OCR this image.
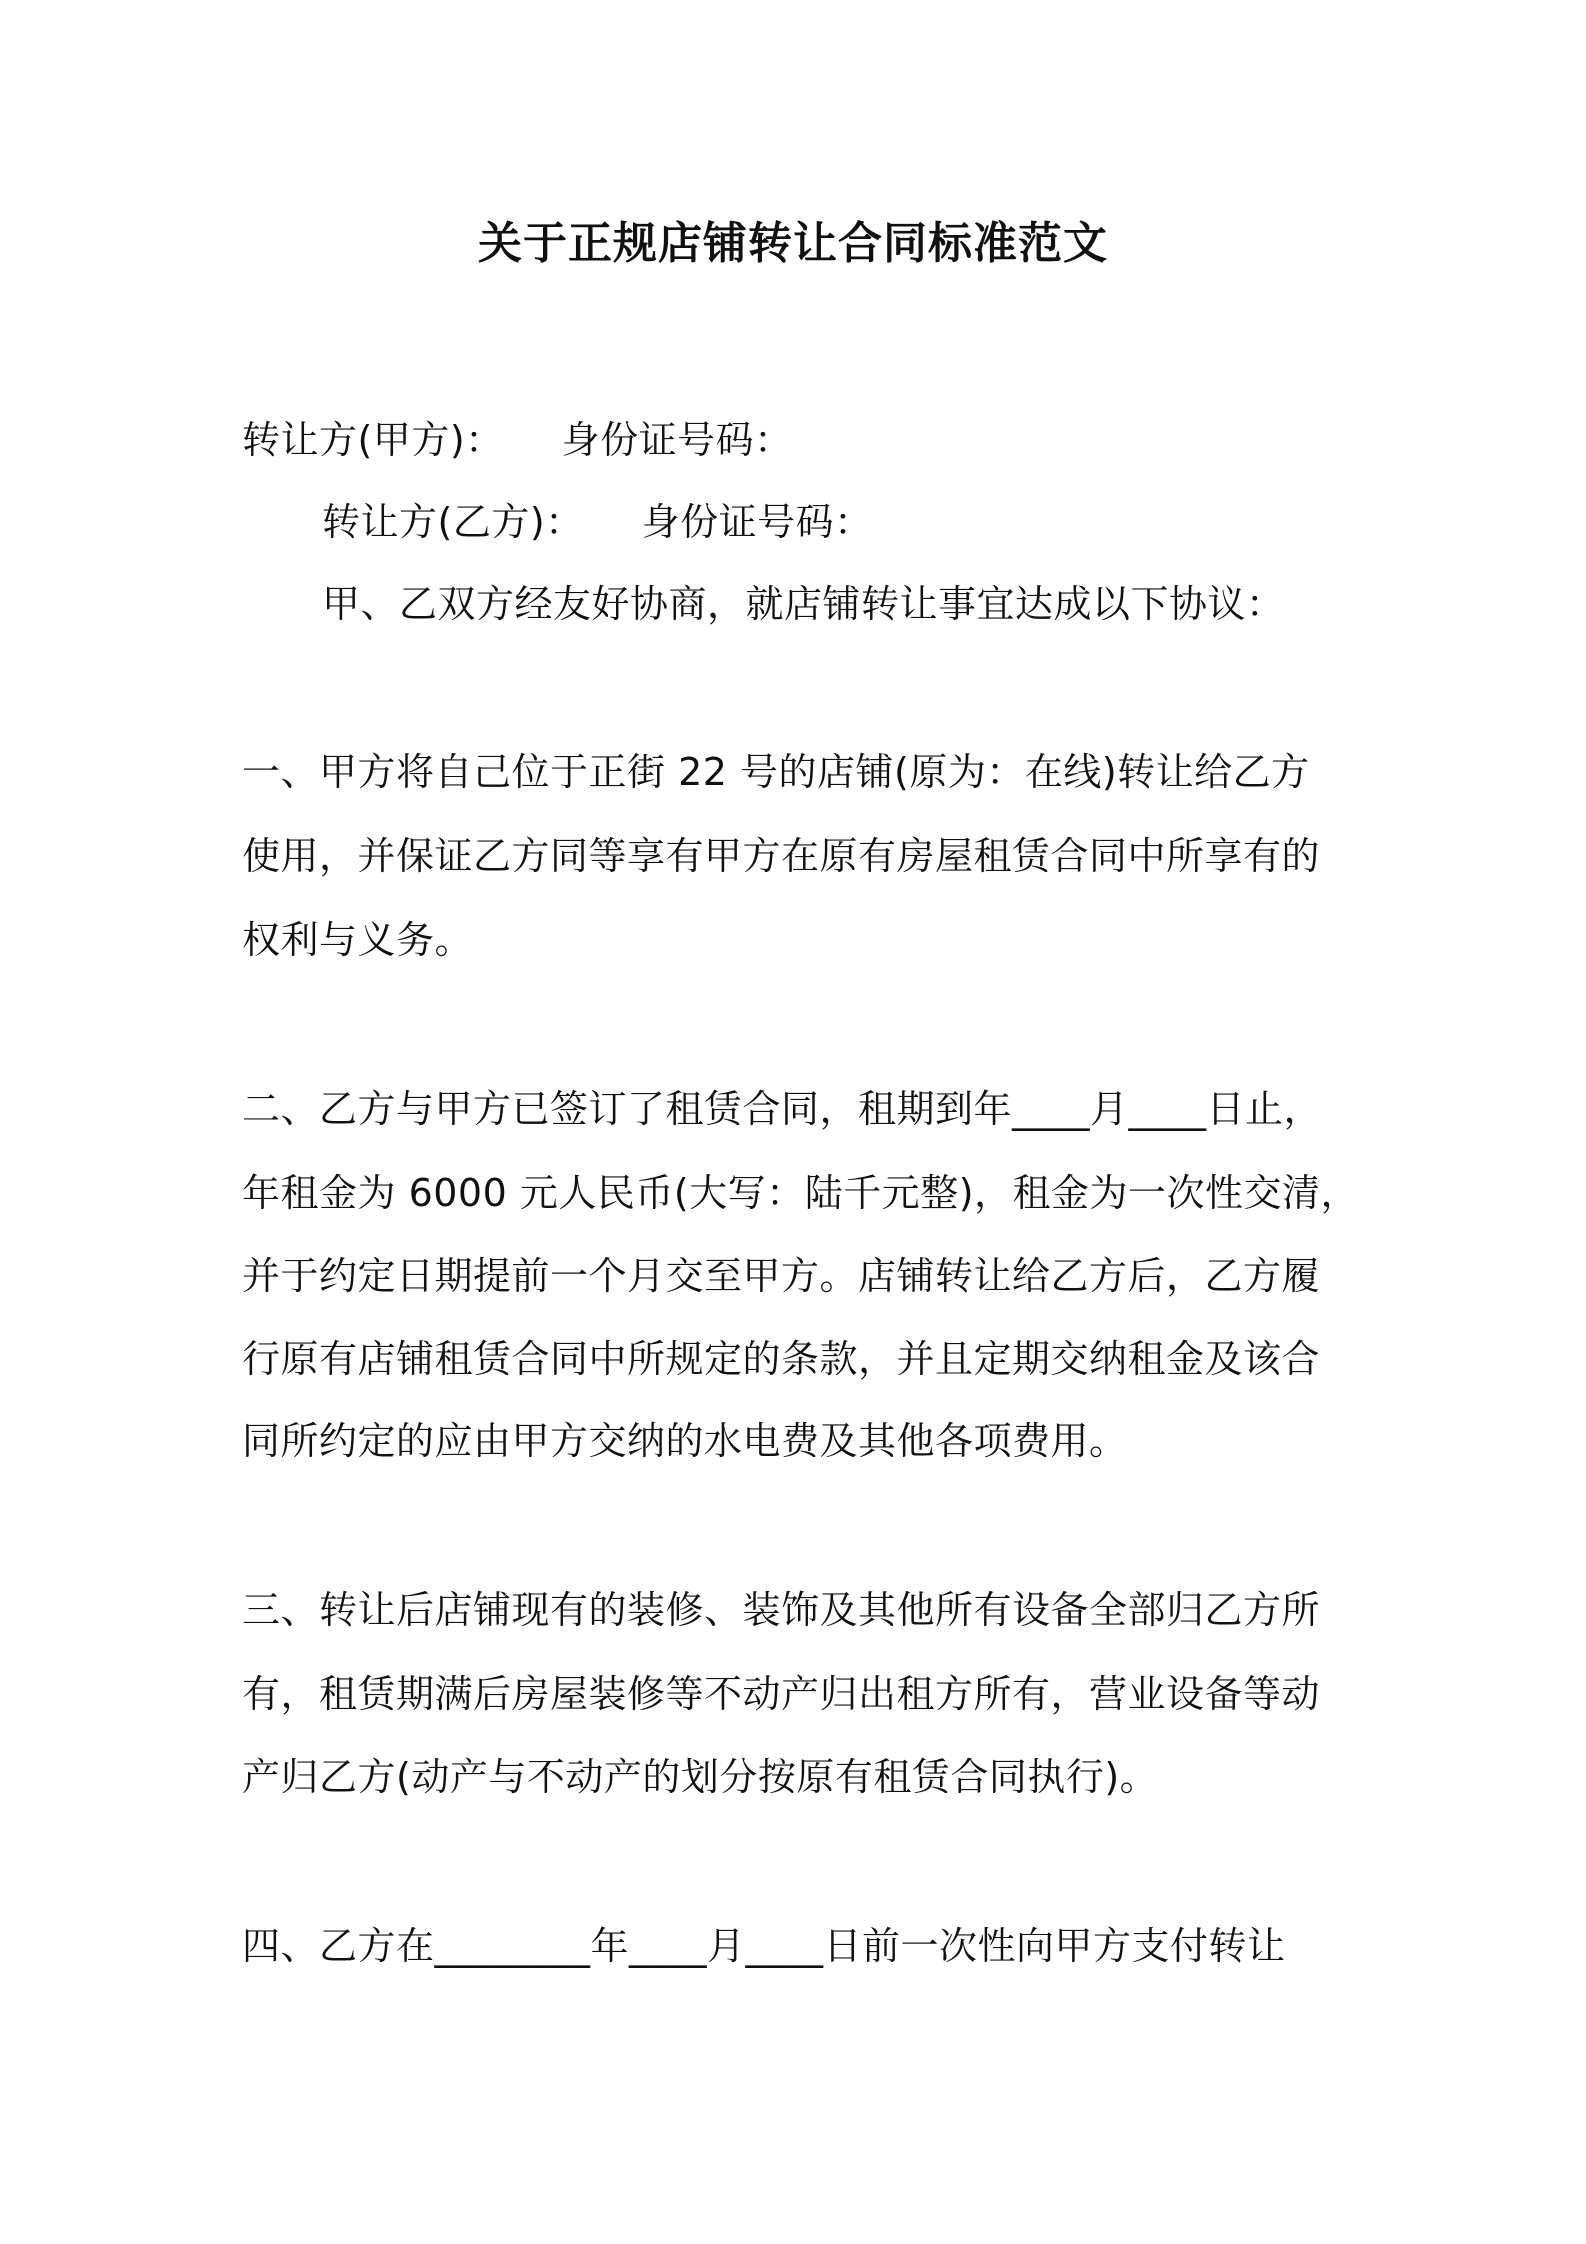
关于正规店铺转让合同标准范文
转让方(甲方)： 身份证号码：
转让方(乙方)： 身份证号码：
甲、乙双方经友好协商，就店铺转让事宜达成以下协议：
一、甲方将自己位于正街 22 号的店铺(原为：在线)转让给乙方
使用，并保证乙方同等享有甲方在原有房屋租赁合同中所享有的
权利与义务。
二、乙方与甲方已签订了租赁合同，租期到年____月____日止，
年租金为 6000 元人民币(大写：陆千元整)，租金为一次性交清，
并于约定日期提前一个月交至甲方。店铺转让给乙方后，乙方履
行原有店铺租赁合同中所规定的条款，并且定期交纳租金及该合
同所约定的应由甲方交纳的水电费及其他各项费用。
三、转让后店铺现有的装修、装饰及其他所有设备全部归乙方所
有，租赁期满后房屋装修等不动产归出租方所有，营业设备等动
产归乙方(动产与不动产的划分按原有租赁合同执行)。
四、乙方在________年____月____日前一次性向甲方支付转让
